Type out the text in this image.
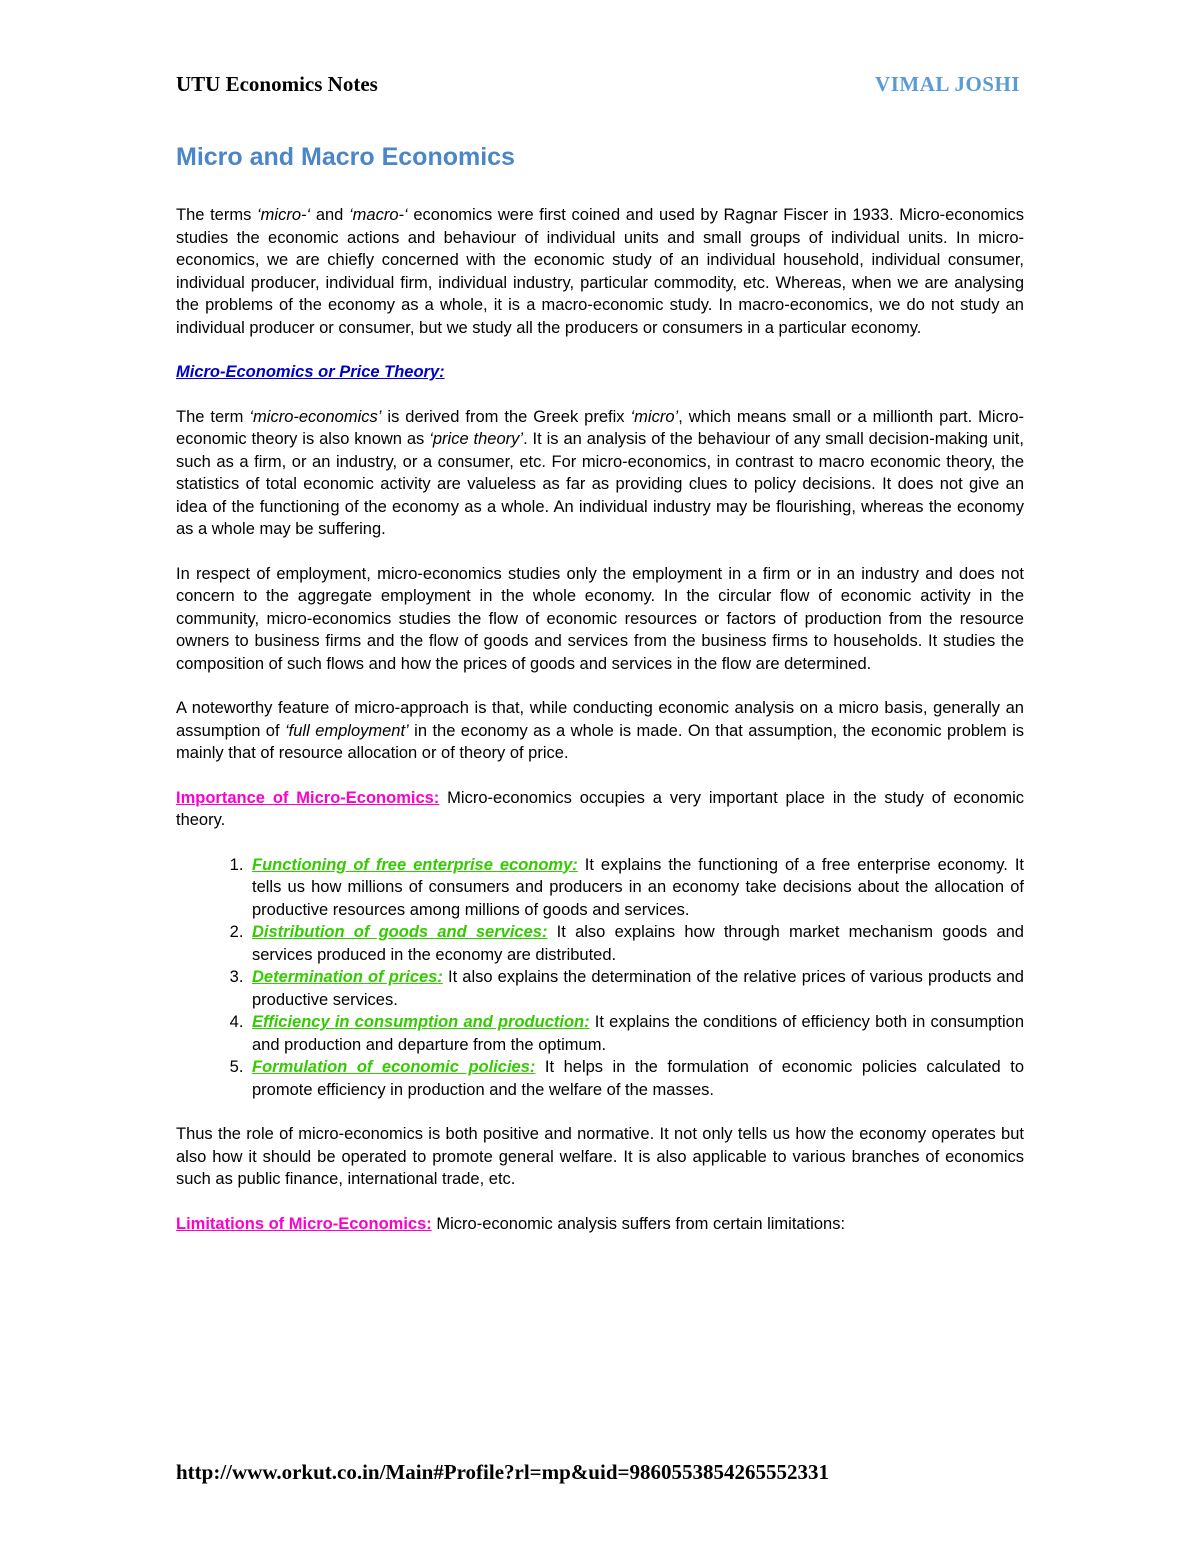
UTU Economics Notes	VIMAL JOSHI
Micro and Macro Economics

The terms ‘micro-‘ and ‘macro-‘ economics were first coined and used by Ragnar Fiscer in 1933. Micro-economics studies the economic actions and behaviour of individual units and small groups of individual units. In micro-economics, we are chiefly concerned with the economic study of an individual household, individual consumer, individual producer, individual firm, individual industry, particular commodity, etc. Whereas, when we are analysing the problems of the economy as a whole, it is a macro-economic study. In macro-economics, we do not study an individual producer or consumer, but we study all the producers or consumers in a particular economy.

Micro-Economics or Price Theory:

The term ‘micro-economics’ is derived from the Greek prefix ‘micro’, which means small or a millionth part. Micro-economic theory is also known as ‘price theory’. It is an analysis of the behaviour of any small decision-making unit, such as a firm, or an industry, or a consumer, etc. For micro-economics, in contrast to macro economic theory, the statistics of total economic activity are valueless as far as providing clues to policy decisions. It does not give an idea of the functioning of the economy as a whole. An individual industry may be flourishing, whereas the economy as a whole may be suffering.

In respect of employment, micro-economics studies only the employment in a firm or in an industry and does not concern to the aggregate employment in the whole economy. In the circular flow of economic activity in the community, micro-economics studies the flow of economic resources or factors of production from the resource owners to business firms and the flow of goods and services from the business firms to households. It studies the composition of such flows and how the prices of goods and services in the flow are determined.

A noteworthy feature of micro-approach is that, while conducting economic analysis on a micro basis, generally an assumption of ‘full employment’ in the economy as a whole is made. On that assumption, the economic problem is mainly that of resource allocation or of theory of price.

Importance of Micro-Economics: Micro-economics occupies a very important place in the study of economic theory.

1. Functioning of free enterprise economy: It explains the functioning of a free enterprise economy. It tells us how millions of consumers and producers in an economy take decisions about the allocation of productive resources among millions of goods and services.
2. Distribution of goods and services: It also explains how through market mechanism goods and services produced in the economy are distributed.
3. Determination of prices: It also explains the determination of the relative prices of various products and productive services.
4. Efficiency in consumption and production: It explains the conditions of efficiency both in consumption and production and departure from the optimum.
5. Formulation of economic policies: It helps in the formulation of economic policies calculated to promote efficiency in production and the welfare of the masses.

Thus the role of micro-economics is both positive and normative. It not only tells us how the economy operates but also how it should be operated to promote general welfare. It is also applicable to various branches of economics such as public finance, international trade, etc.

Limitations of Micro-Economics: Micro-economic analysis suffers from certain limitations:

http://www.orkut.co.in/Main#Profile?rl=mp&uid=9860553854265552331
